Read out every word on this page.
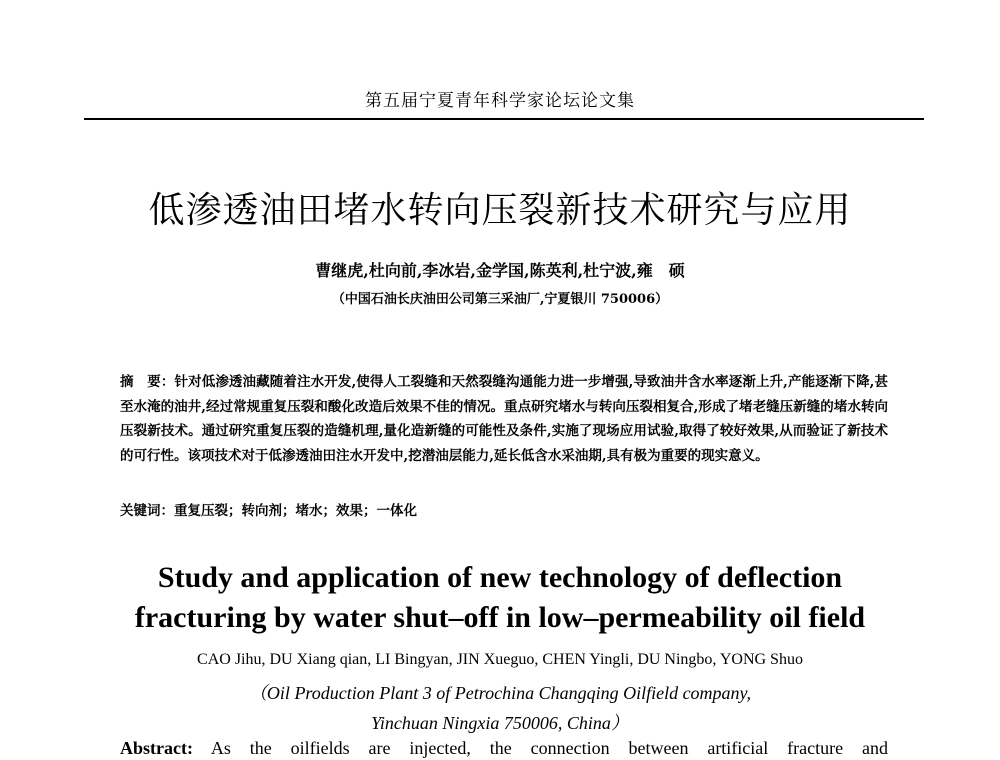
第五届宁夏青年科学家论坛论文集
低渗透油田堵水转向压裂新技术研究与应用
曹继虎,杜向前,李冰岩,金学国,陈英利,杜宁波,雍　硕
（中国石油长庆油田公司第三采油厂,宁夏银川 750006）
摘　要：针对低渗透油藏随着注水开发,使得人工裂缝和天然裂缝沟通能力进一步增强,导致油井含水率逐渐上升,产能逐渐下降,甚至水淹的油井,经过常规重复压裂和酸化改造后效果不佳的情况。重点研究堵水与转向压裂相复合,形成了堵老缝压新缝的堵水转向压裂新技术。通过研究重复压裂的造缝机理,量化造新缝的可能性及条件,实施了现场应用试验,取得了较好效果,从而验证了新技术的可行性。该项技术对于低渗透油田注水开发中,挖潜油层能力,延长低含水采油期,具有极为重要的现实意义。
关键词：重复压裂；转向剂；堵水；效果；一体化
Study and application of new technology of deflection
fracturing by water shut–off in low–permeability oil field
CAO Jihu, DU Xiang qian, LI Bingyan, JIN Xueguo, CHEN Yingli, DU Ningbo, YONG Shuo
（Oil Production Plant 3 of Petrochina Changqing Oilfield company,
Yinchuan Ningxia 750006, China）
Abstract: As the oilfields are injected, the connection between artificial fracture and
